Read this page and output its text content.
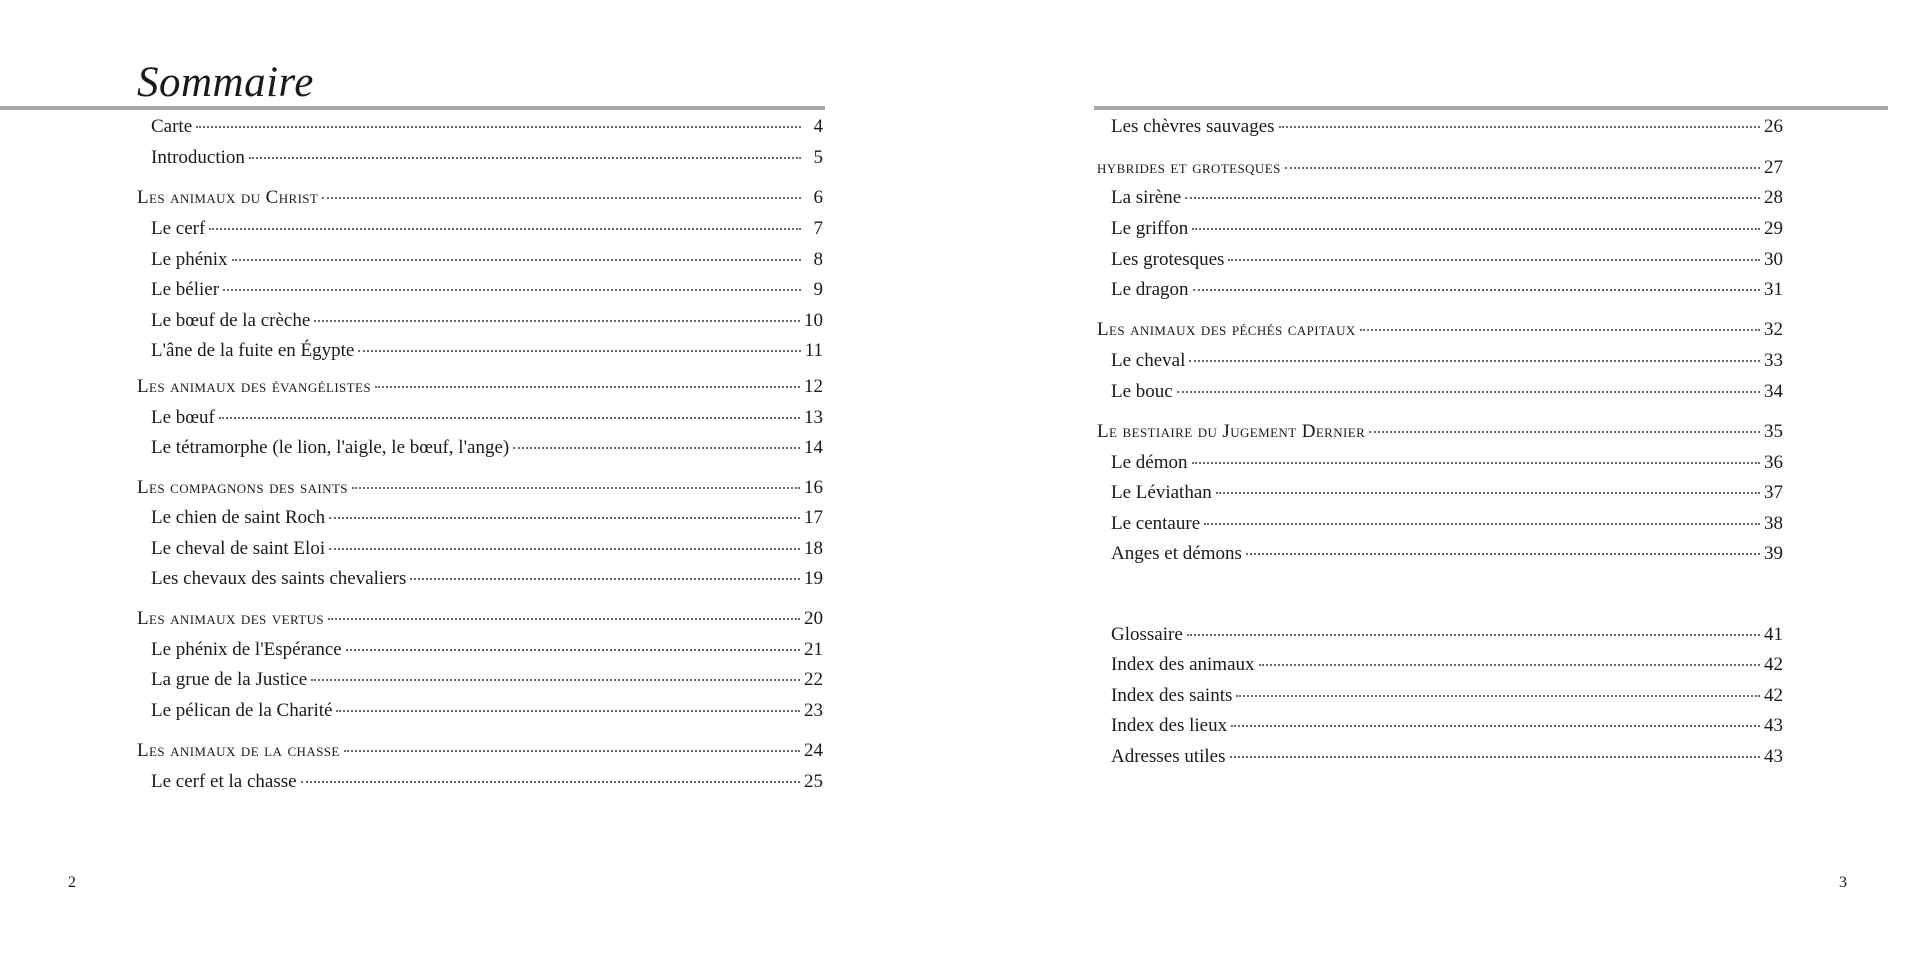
Sommaire
Carte	4
Introduction	5
Les animaux du Christ	6
Le cerf	7
Le phénix	8
Le bélier	9
Le bœuf de la crèche	10
L'âne de la fuite en Égypte	11
Les animaux des évangélistes	12
Le bœuf	13
Le tétramorphe (le lion, l'aigle, le bœuf, l'ange)	14
Les compagnons des saints	16
Le chien de saint Roch	17
Le cheval de saint Eloi	18
Les chevaux des saints chevaliers	19
Les animaux des vertus	20
Le phénix de l'Espérance	21
La grue de la Justice	22
Le pélican de la Charité	23
Les animaux de la chasse	24
Le cerf et la chasse	25
Les chèvres sauvages	26
hybrides et grotesques	27
La sirène	28
Le griffon	29
Les grotesques	30
Le dragon	31
Les animaux des péchés capitaux	32
Le cheval	33
Le bouc	34
Le bestiaire du Jugement Dernier	35
Le démon	36
Le Léviathan	37
Le centaure	38
Anges et démons	39
Glossaire	41
Index des animaux	42
Index des saints	42
Index des lieux	43
Adresses utiles	43
2	3
